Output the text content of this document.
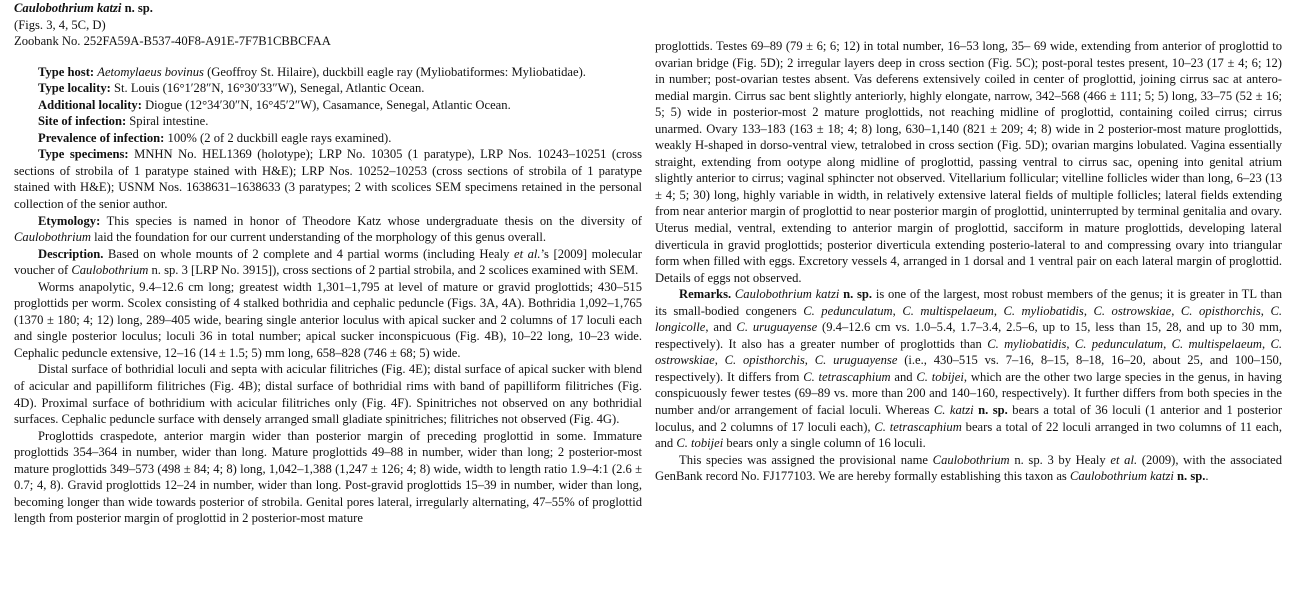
Caulobothrium katzi n. sp.
(Figs. 3, 4, 5C, D)
Zoobank No. 252FA59A-B537-40F8-A91E-7F7B1CBBCFAA

Type host: Aetomylaeus bovinus (Geoffroy St. Hilaire), duckbill eagle ray (Myliobatiformes: Myliobatidae).

Type locality: St. Louis (16°1′28″N, 16°30′33″W), Senegal, Atlantic Ocean.

Additional locality: Diogue (12°34′30″N, 16°45′2″W), Casamance, Senegal, Atlantic Ocean.

Site of infection: Spiral intestine.

Prevalence of infection: 100% (2 of 2 duckbill eagle rays examined).

Type specimens: MNHN No. HEL1369 (holotype); LRP No. 10305 (1 paratype), LRP Nos. 10243–10251 (cross sections of strobila of 1 paratype stained with H&E); LRP Nos. 10252–10253 (cross sections of strobila of 1 paratype stained with H&E); USNM Nos. 1638631–1638633 (3 paratypes; 2 with scolices SEM specimens retained in the personal collection of the senior author.

Etymology: This species is named in honor of Theodore Katz whose undergraduate thesis on the diversity of Caulobothrium laid the foundation for our current understanding of the morphology of this genus overall.

Description. Based on whole mounts of 2 complete and 4 partial worms (including Healy et al.’s [2009] molecular voucher of Caulobothrium n. sp. 3 [LRP No. 3915]), cross sections of 2 partial strobila, and 2 scolices examined with SEM.

Worms anapolytic, 9.4–12.6 cm long; greatest width 1,301–1,795 at level of mature or gravid proglottids; 430–515 proglottids per worm. Scolex consisting of 4 stalked bothridia and cephalic peduncle (Figs. 3A, 4A). Bothridia 1,092–1,765 (1370 ± 180; 4; 12) long, 289–405 wide, bearing single anterior loculus with apical sucker and 2 columns of 17 loculi each and single posterior loculus; loculi 36 in total number; apical sucker inconspicuous (Fig. 4B), 10–22 long, 10–23 wide. Cephalic peduncle extensive, 12–16 (14 ± 1.5; 5) mm long, 658–828 (746 ± 68; 5) wide.

Distal surface of bothridial loculi and septa with acicular filitriches (Fig. 4E); distal surface of apical sucker with blend of acicular and papilliform filitriches (Fig. 4B); distal surface of bothridial rims with band of papilliform filitriches (Fig. 4D). Proximal surface of bothridium with acicular filitriches only (Fig. 4F). Spinitriches not observed on any bothridial surfaces. Cephalic peduncle surface with densely arranged small gladiate spinitriches; filitriches not observed (Fig. 4G).

Proglottids craspedote, anterior margin wider than posterior margin of preceding proglottid in some. Immature proglottids 354–364 in number, wider than long. Mature proglottids 49–88 in number, wider than long; 2 posterior-most mature proglottids 349–573 (498 ± 84; 4; 8) long, 1,042–1,388 (1,247 ± 126; 4; 8) wide, width to length ratio 1.9–4:1 (2.6 ± 0.7; 4, 8). Gravid proglottids 12–24 in number, wider than long. Post-gravid proglottids 15–39 in number, wider than long, becoming longer than wide towards posterior of strobila. Genital pores lateral, irregularly alternating, 47–55% of proglottid length from posterior margin of proglottid in 2 posterior-most mature

proglottids. Testes 69–89 (79 ± 6; 6; 12) in total number, 16–53 long, 35– 69 wide, extending from anterior of proglottid to ovarian bridge (Fig. 5D); 2 irregular layers deep in cross section (Fig. 5C); post-poral testes present, 10–23 (17 ± 4; 6; 12) in number; post-ovarian testes absent. Vas deferens extensively coiled in center of proglottid, joining cirrus sac at antero-medial margin. Cirrus sac bent slightly anteriorly, highly elongate, narrow, 342–568 (466 ± 111; 5; 5) long, 33–75 (52 ± 16; 5; 5) wide in posterior-most 2 mature proglottids, not reaching midline of proglottid, containing coiled cirrus; cirrus unarmed. Ovary 133–183 (163 ± 18; 4; 8) long, 630–1,140 (821 ± 209; 4; 8) wide in 2 posterior-most mature proglottids, weakly H-shaped in dorso-ventral view, tetralobed in cross section (Fig. 5D); ovarian margins lobulated. Vagina essentially straight, extending from ootype along midline of proglottid, passing ventral to cirrus sac, opening into genital atrium slightly anterior to cirrus; vaginal sphincter not observed. Vitellarium follicular; vitelline follicles wider than long, 6–23 (13 ± 4; 5; 30) long, highly variable in width, in relatively extensive lateral fields of multiple follicles; lateral fields extending from near anterior margin of proglottid to near posterior margin of proglottid, uninterrupted by terminal genitalia and ovary. Uterus medial, ventral, extending to anterior margin of proglottid, sacciform in mature proglottids, developing lateral diverticula in gravid proglottids; posterior diverticula extending posterio-lateral to and compressing ovary into triangular form when filled with eggs. Excretory vessels 4, arranged in 1 dorsal and 1 ventral pair on each lateral margin of proglottid. Details of eggs not observed.

Remarks. Caulobothrium katzi n. sp. is one of the largest, most robust members of the genus; it is greater in TL than its small-bodied congeners C. pedunculatum, C. multispelaeum, C. myliobatidis, C. ostrowskiae, C. opisthorchis, C. longicolle, and C. uruguayense (9.4–12.6 cm vs. 1.0–5.4, 1.7–3.4, 2.5–6, up to 15, less than 15, 28, and up to 30 mm, respectively). It also has a greater number of proglottids than C. myliobatidis, C. pedunculatum, C. multispelaeum, C. ostrowskiae, C. opisthorchis, C. uruguayense (i.e., 430–515 vs. 7–16, 8–15, 8–18, 16–20, about 25, and 100–150, respectively). It differs from C. tetrascaphium and C. tobijei, which are the other two large species in the genus, in having conspicuously fewer testes (69–89 vs. more than 200 and 140–160, respectively). It further differs from both species in the number and/or arrangement of facial loculi. Whereas C. katzi n. sp. bears a total of 36 loculi (1 anterior and 1 posterior loculus, and 2 columns of 17 loculi each), C. tetrascaphium bears a total of 22 loculi arranged in two columns of 11 each, and C. tobijei bears only a single column of 16 loculi.

This species was assigned the provisional name Caulobothrium n. sp. 3 by Healy et al. (2009), with the associated GenBank record No. FJ177103. We are hereby formally establishing this taxon as Caulobothrium katzi n. sp..
